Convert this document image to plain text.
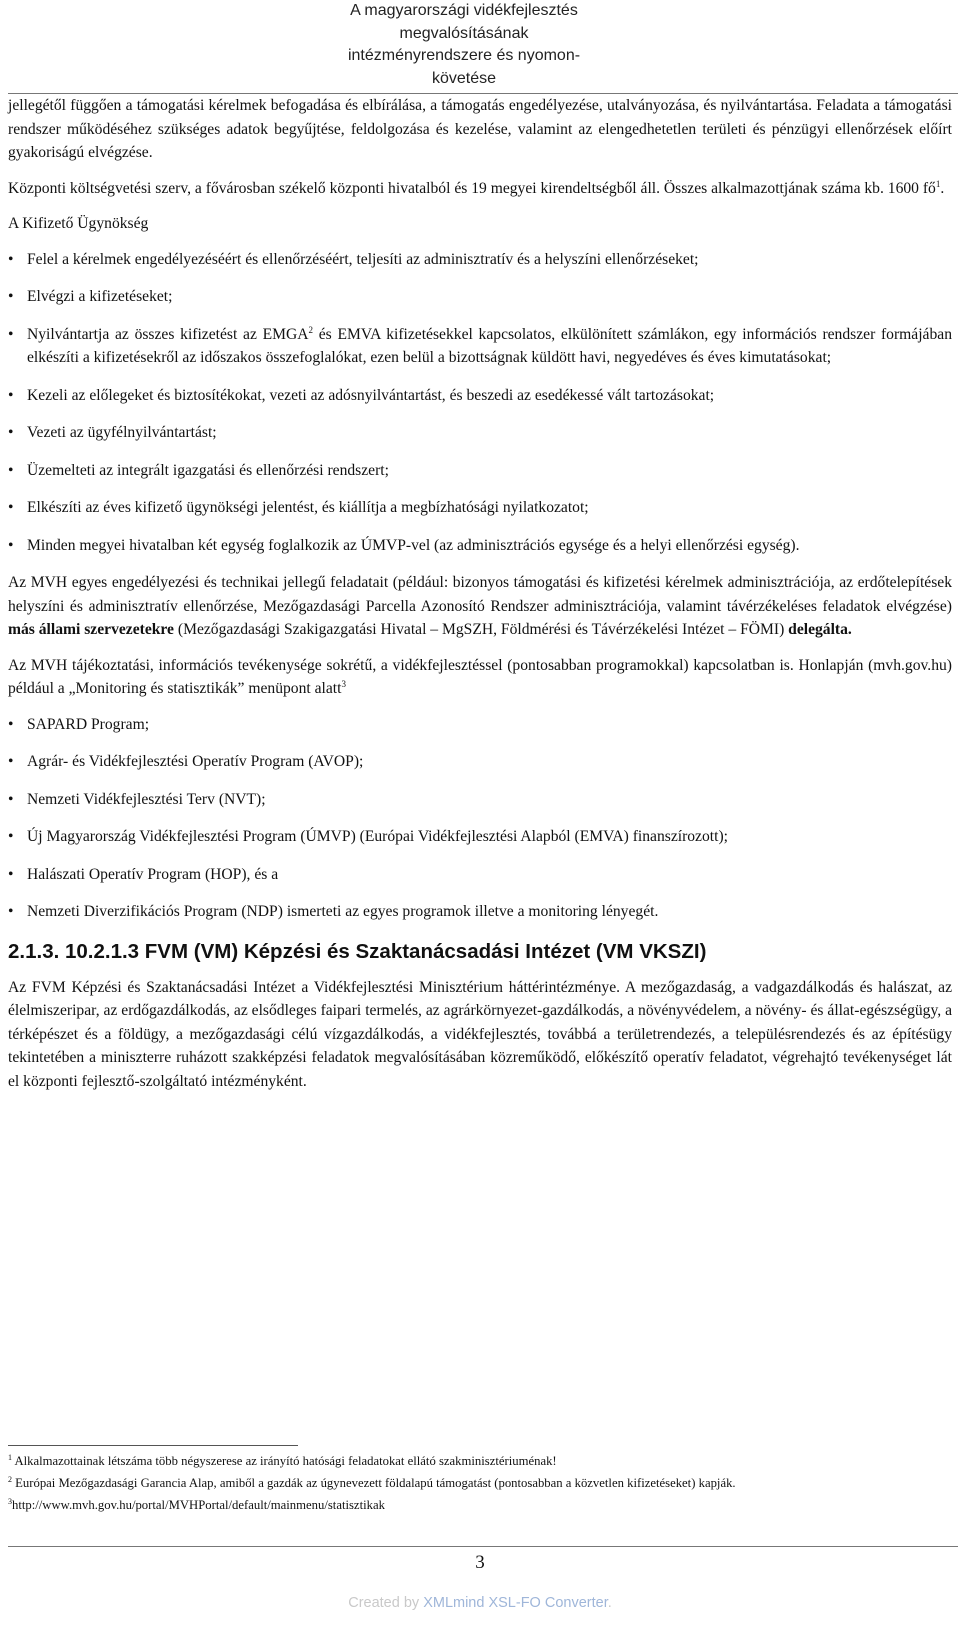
A magyarországi vidékfejlesztés
megvalósításának
intézményrendszere és nyomon-
követése

jellegétől függően a támogatási kérelmek befogadása és elbírálása, a támogatás engedélyezése, utalványozása, és nyilvántartása. Feladata a támogatási rendszer működéséhez szükséges adatok begyűjtése, feldolgozása és kezelése, valamint az elengedhetetlen területi és pénzügyi ellenőrzések előírt gyakoriságú elvégzése.

Központi költségvetési szerv, a fővárosban székelő központi hivatalból és 19 megyei kirendeltségből áll. Összes alkalmazottjának száma kb. 1600 $fő^1$.

A Kifizető Ügynökség

• Felel a kérelmek engedélyezéséért és ellenőrzéséért, teljesíti az adminisztratív és a helyszíni ellenőrzéseket;
• Elvégzi a kifizetéseket;
• Nyilvántartja az összes kifizetést az EMGA$^2$ és EMVA kifizetésekkel kapcsolatos, elkülönített számlákon, egy információs rendszer formájában elkészíti a kifizetésekről az időszakos összefoglalókat, ezen belül a bizottságnak küldött havi, negyedéves és éves kimutatásokat;
• Kezeli az előlegeket és biztosítékokat, vezeti az adósnyilvántartást, és beszedi az esedékessé vált tartozásokat;
• Vezeti az ügyfélnyilvántartást;
• Üzemelteti az integrált igazgatási és ellenőrzési rendszert;
• Elkészíti az éves kifizető ügynökségi jelentést, és kiállítja a megbízhatósági nyilatkozatot;
• Minden megyei hivatalban két egység foglalkozik az ÚMVP-vel (az adminisztrációs egysége és a helyi ellenőrzési egység).

Az MVH egyes engedélyezési és technikai jellegű feladatait (például: bizonyos támogatási és kifizetési kérelmek adminisztrációja, az erdőtelepítések helyszíni és adminisztratív ellenőrzése, Mezőgazdasági Parcella Azonosító Rendszer adminisztrációja, valamint távérzékeléses feladatok elvégzése) más állami szervezetekre (Mezőgazdasági Szakigazgatási Hivatal – MgSZH, Földmérési és Távérzékelési Intézet – FÖMI) delegálta.

Az MVH tájékoztatási, információs tevékenysége sokrétű, a vidékfejlesztéssel (pontosabban programokkal) kapcsolatban is. Honlapján (mvh.gov.hu) például a „Monitoring és statisztikák” menüpont alatt$^3$

• SAPARD Program;
• Agrár- és Vidékfejlesztési Operatív Program (AVOP);
• Nemzeti Vidékfejlesztési Terv (NVT);
• Új Magyarország Vidékfejlesztési Program (ÚMVP) (Európai Vidékfejlesztési Alapból (EMVA) finanszírozott);
• Halászati Operatív Program (HOP), és a
• Nemzeti Diverzifikációs Program (NDP) ismerteti az egyes programok illetve a monitoring lényegét.
2.1.3. 10.2.1.3 FVM (VM) Képzési és Szaktanácsadási Intézet (VM VKSZI)

Az FVM Képzési és Szaktanácsadási Intézet a Vidékfejlesztési Minisztérium háttérintézménye. A mezőgazdaság, a vadgazdálkodás és halászat, az élelmiszeripar, az erdőgazdálkodás, az elsődleges faipari termelés, az agrárkörnyezet-gazdálkodás, a növényvédelem, a növény- és állat-egészségügy, a térképészet és a földügy, a mezőgazdasági célú vízgazdálkodás, a vidékfejlesztés, továbbá a területrendezés, a településrendezés és az építésügy tekintetében a miniszterre ruházott szakképzési feladatok megvalósításában közreműködő, előkészítő operatív feladatot, végrehajtó tevékenységet lát el központi fejlesztő-szolgáltató intézményként.

$^1$ Alkalmazottainak létszáma több négyszerese az irányító hatósági feladatokat ellátó szakminisztériuménak!
$^2$ Európai Mezőgazdasági Garancia Alap, amiből a gazdák az úgynevezett földalapú támogatást (pontosabban a közvetlen kifizetéseket) kapják.
$^3$http://www.mvh.gov.hu/portal/MVHPortal/default/mainmenu/statisztikak
3
Created by XMLmind XSL-FO Converter.
